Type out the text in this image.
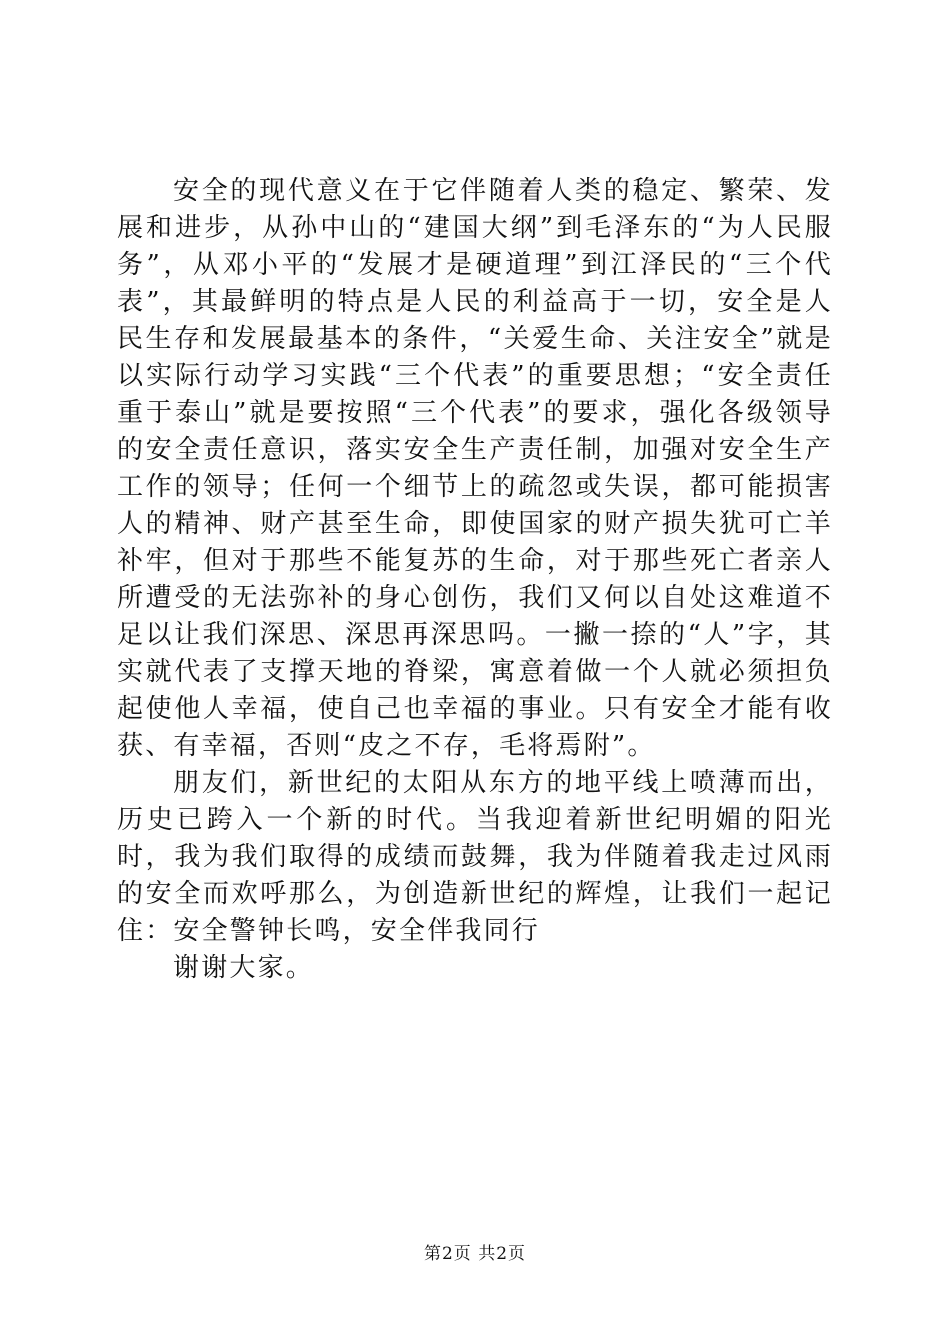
安全的现代意义在于它伴随着人类的稳定、繁荣、发展和进步，从孙中山的“建国大纲”到毛泽东的“为人民服务”，从邓小平的“发展才是硬道理”到江泽民的“三个代表”，其最鲜明的特点是人民的利益高于一切，安全是人民生存和发展最基本的条件，“关爱生命、关注安全”就是以实际行动学习实践“三个代表”的重要思想；“安全责任重于泰山”就是要按照“三个代表”的要求，强化各级领导的安全责任意识，落实安全生产责任制，加强对安全生产工作的领导；任何一个细节上的疏忽或失误，都可能损害人的精神、财产甚至生命，即使国家的财产损失犹可亡羊补牢，但对于那些不能复苏的生命，对于那些死亡者亲人所遭受的无法弥补的身心创伤，我们又何以自处这难道不足以让我们深思、深思再深思吗。一撇一捺的“人”字，其实就代表了支撑天地的脊梁，寓意着做一个人就必须担负起使他人幸福，使自己也幸福的事业。只有安全才能有收获、有幸福，否则“皮之不存，毛将焉附”。

朋友们，新世纪的太阳从东方的地平线上喷薄而出，历史已跨入一个新的时代。当我迎着新世纪明媚的阳光时，我为我们取得的成绩而鼓舞，我为伴随着我走过风雨的安全而欢呼那么，为创造新世纪的辉煌，让我们一起记住：安全警钟长鸣，安全伴我同行

谢谢大家。

第2页 共2页
